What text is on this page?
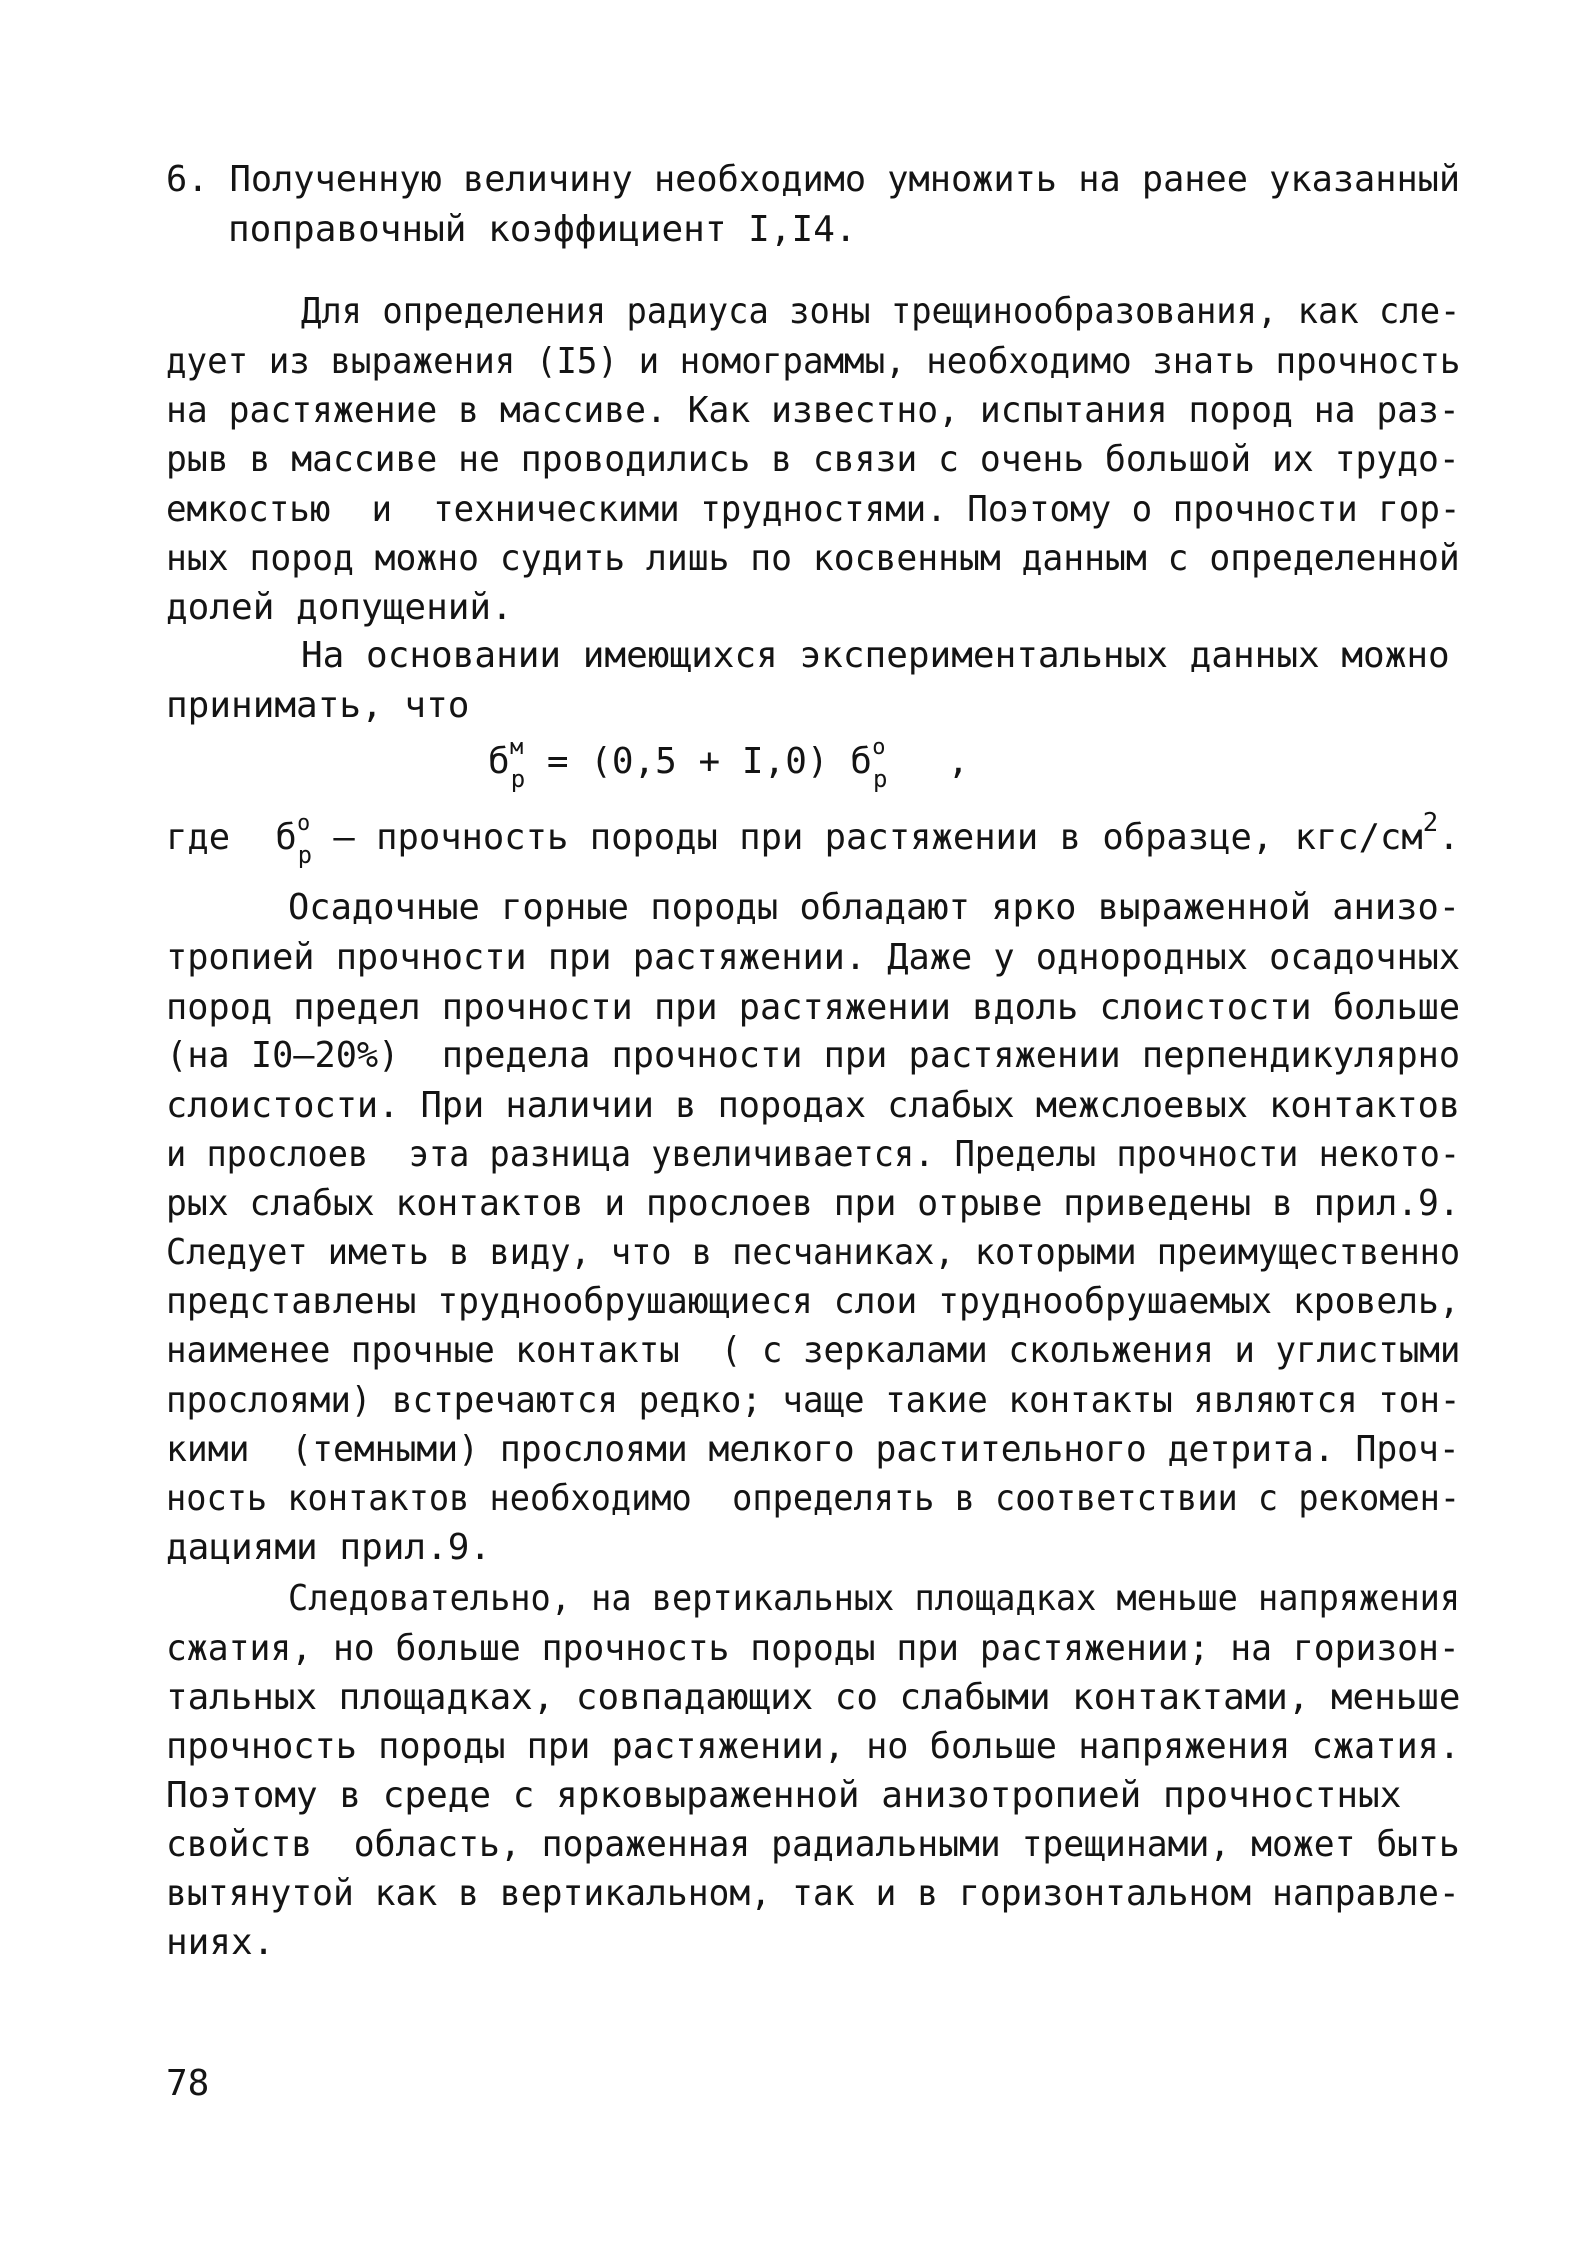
6. Полученную величину необходимо умножить на ранее указанный
поправочный коэффициент I,I4.
Для определения радиуса зоны трещинообразования, как сле-
дует из выражения (I5) и номограммы, необходимо знать прочность
на растяжение в массиве. Как известно, испытания пород на раз-
рыв в массиве не проводились в связи с очень большой их трудо-
емкостью  и  техническими трудностями. Поэтому о прочности гор-
ных пород можно судить лишь по косвенным данным с определенной
долей допущений.
На основании имеющихся экспериментальных данных можно
принимать, что
б м
$_р$ = (0,5 + I,0) б о
$_р$ ,
где б о
$_р$ – прочность породы при растяжении в образце, кгс/$см^2$.
Осадочные горные породы обладают ярко выраженной анизо-
тропией прочности при растяжении. Даже у однородных осадочных
пород предел прочности при растяжении вдоль слоистости больше
(на I0–20%)  предела прочности при растяжении перпендикулярно
слоистости. При наличии в породах слабых межслоевых контактов
и прослоев  эта разница увеличивается. Пределы прочности некото-
рых слабых контактов и прослоев при отрыве приведены в прил.9.
Следует иметь в виду, что в песчаниках, которыми преимущественно
представлены труднообрушающиеся слои труднообрушаемых кровель,
наименее прочные контакты  ( с зеркалами скольжения и углистыми
прослоями) встречаются редко; чаще такие контакты являются тон-
кими  (темными) прослоями мелкого растительного детрита. Проч-
ность контактов необходимо  определять в соответствии с рекомен-
дациями прил.9.
Следовательно, на вертикальных площадках меньше напряжения
сжатия, но больше прочность породы при растяжении; на горизон-
тальных площадках, совпадающих со слабыми контактами, меньше
прочность породы при растяжении, но больше напряжения сжатия.
Поэтому в среде с ярковыраженной анизотропией прочностных
свойств  область, пораженная радиальными трещинами, может быть
вытянутой как в вертикальном, так и в горизонтальном направле-
ниях.
78
